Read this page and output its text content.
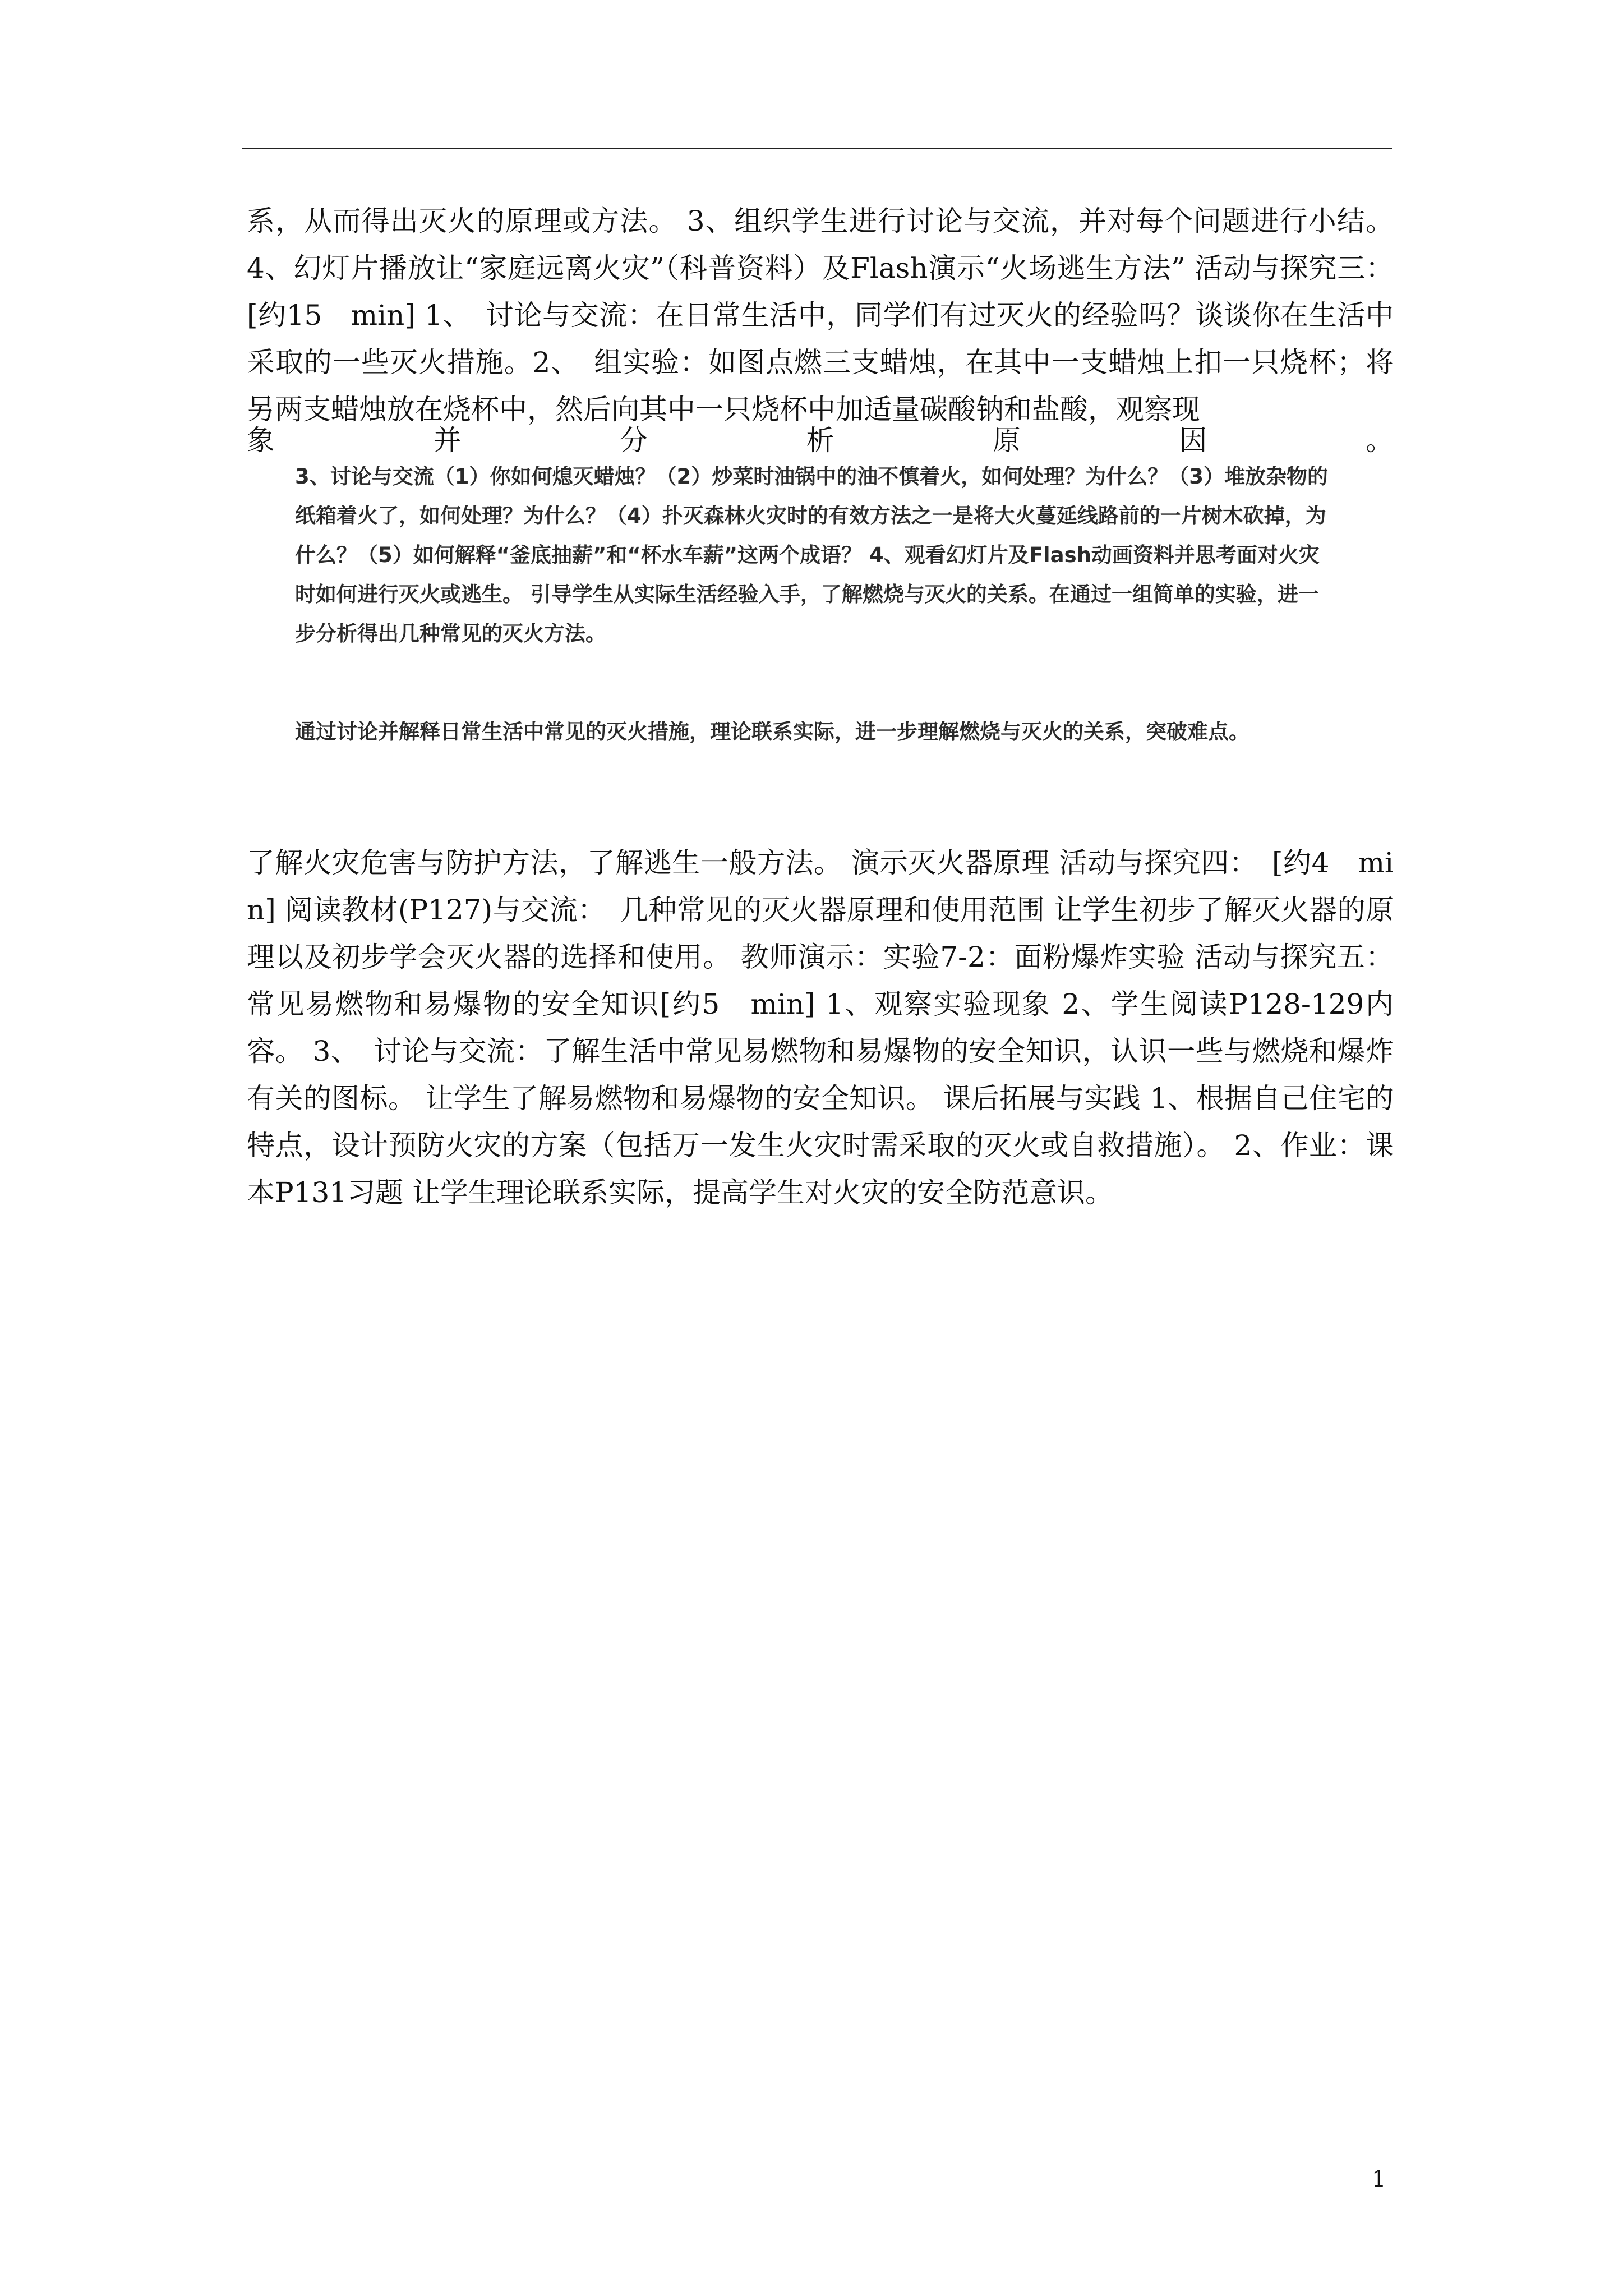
系，从而得出灭火的原理或方法。 3、组织学生进行讨论与交流，并对每个问题进行小结。 4、幻灯片播放让“家庭远离火灾”（科普资料）及Flash演示“火场逃生方法” 活动与探究三：[约15　min] 1、　讨论与交流：在日常生活中，同学们有过灭火的经验吗？谈谈你在生活中采取的一些灭火措施。2、　组实验：如图点燃三支蜡烛，在其中一支蜡烛上扣一只烧杯；将另两支蜡烛放在烧杯中，然后向其中一只烧杯中加适量碳酸钠和盐酸，观察现

象	并	分	析	原	因	。

3、讨论与交流（1）你如何熄灭蜡烛？（2）炒菜时油锅中的油不慎着火，如何处理？为什么？（3）堆放杂物的纸箱着火了，如何处理？为什么？（4）扑灭森林火灾时的有效方法之一是将大火蔓延线路前的一片树木砍掉，为什么？（5）如何解释“釜底抽薪”和“杯水车薪”这两个成语？ 4、观看幻灯片及Flash动画资料并思考面对火灾时如何进行灭火或逃生。 引导学生从实际生活经验入手，了解燃烧与灭火的关系。在通过一组简单的实验，进一步分析得出几种常见的灭火方法。

通过讨论并解释日常生活中常见的灭火措施，理论联系实际，进一步理解燃烧与灭火的关系，突破难点。

了解火灾危害与防护方法，了解逃生一般方法。 演示灭火器原理 活动与探究四：　[约4　min] 阅读教材(P127)与交流：　几种常见的灭火器原理和使用范围 让学生初步了解灭火器的原理以及初步学会灭火器的选择和使用。 教师演示：实验7-2：面粉爆炸实验 活动与探究五：常见易燃物和易爆物的安全知识[约5　min] 1、观察实验现象 2、学生阅读P128-129内容。 3、　讨论与交流：了解生活中常见易燃物和易爆物的安全知识，认识一些与燃烧和爆炸有关的图标。 让学生了解易燃物和易爆物的安全知识。 课后拓展与实践 1、根据自己住宅的特点，设计预防火灾的方案（包括万一发生火灾时需采取的灭火或自救措施）。 2、作业：课本P131习题 让学生理论联系实际，提高学生对火灾的安全防范意识。

1
